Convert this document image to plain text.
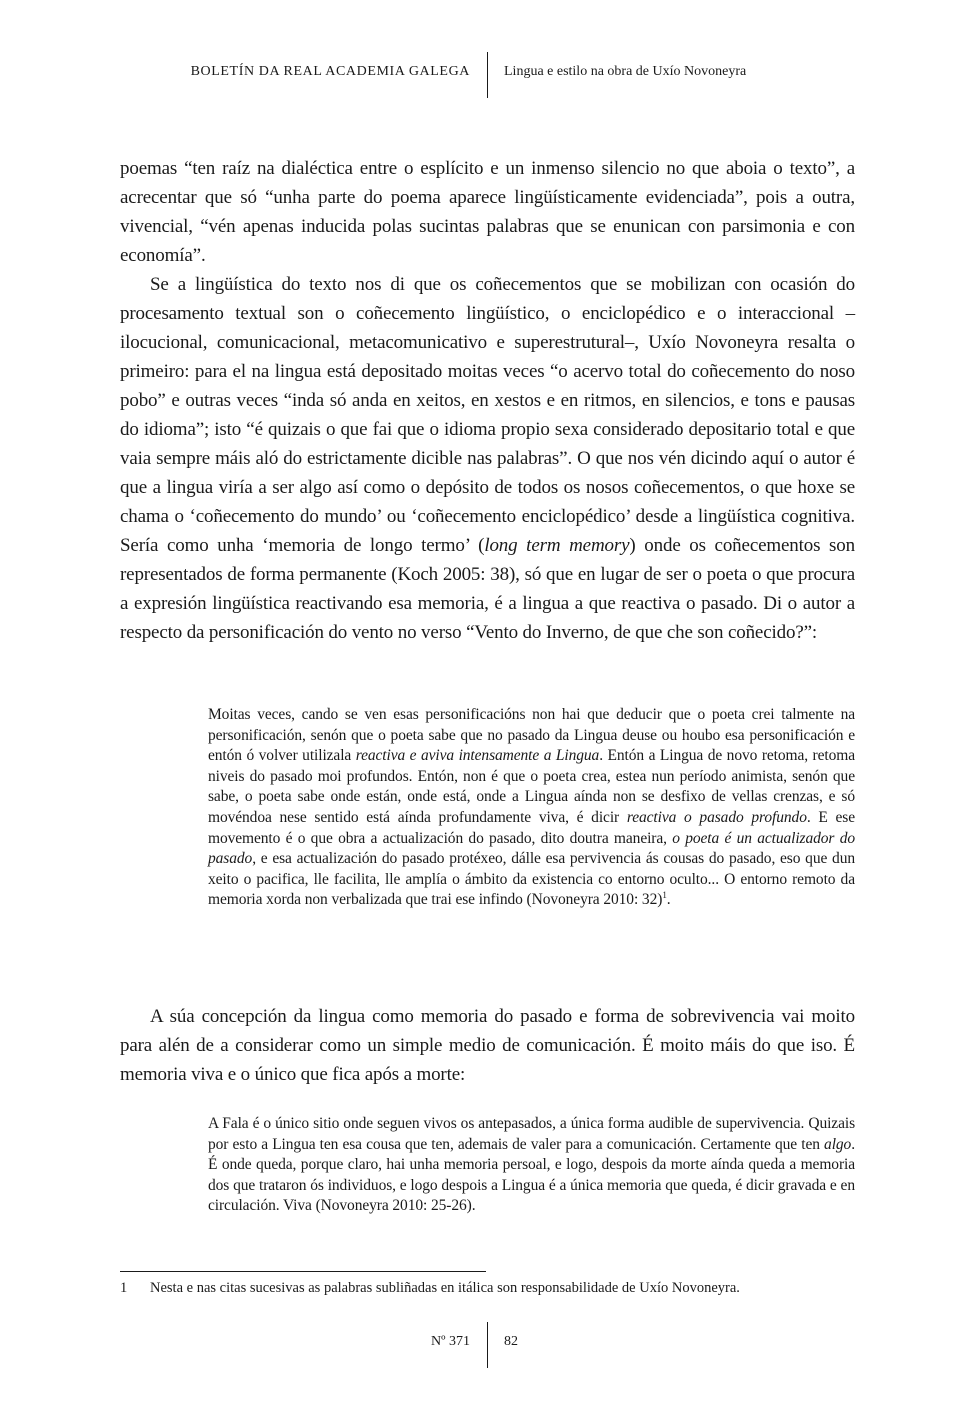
BOLETÍN DA REAL ACADEMIA GALEGA Lingua e estilo na obra de Uxío Novoneyra

poemas “ten raíz na dialéctica entre o esplícito e un inmenso silencio no que aboia o texto”, a acrecentar que só “unha parte do poema aparece lingüísticamente evidenciada”, pois a outra, vivencial, “vén apenas inducida polas sucintas palabras que se enunican con parsimonia e con economía”.

Se a lingüística do texto nos di que os coñecementos que se mobilizan con ocasión do procesamento textual son o coñecemento lingüístico, o enciclopédico e o interaccional –ilocucional, comunicacional, metacomunicativo e superestrutural–, Uxío Novoneyra resalta o primeiro: para el na lingua está depositado moitas veces “o acervo total do coñecemento do noso pobo” e outras veces “inda só anda en xeitos, en xestos e en ritmos, en silencios, e tons e pausas do idioma”; isto “é quizais o que fai que o idioma propio sexa considerado depositario total e que vaia sempre máis aló do estrictamente dicible nas palabras”. O que nos vén dicindo aquí o autor é que a lingua viría a ser algo así como o depósito de todos os nosos coñecementos, o que hoxe se chama o ‘coñecemento do mundo’ ou ‘coñecemento enciclopédico’ desde a lingüística cognitiva. Sería como unha ‘memoria de longo termo’ (long term memory) onde os coñecementos son representados de forma permanente (Koch 2005: 38), só que en lugar de ser o poeta o que procura a expresión lingüística reactivando esa memoria, é a lingua a que reactiva o pasado. Di o autor a respecto da personificación do vento no verso “Vento do Inverno, de que che son coñecido?”:

Moitas veces, cando se ven esas personificacións non hai que deducir que o poeta crei talmente na personificación, senón que o poeta sabe que no pasado da Lingua deuse ou houbo esa personificación e entón ó volver utilizala reactiva e aviva intensamente a Lingua. Entón a Lingua de novo retoma, retoma niveis do pasado moi profundos. Entón, non é que o poeta crea, estea nun período animista, senón que sabe, o poeta sabe onde están, onde está, onde a Lingua aínda non se desfixo de vellas crenzas, e só movéndoa nese sentido está aínda profundamente viva, é dicir reactiva o pasado profundo. E ese movemento é o que obra a actualización do pasado, dito doutra maneira, o poeta é un actualizador do pasado, e esa actualización do pasado protéxeo, dálle esa pervivencia ás cousas do pasado, eso que dun xeito o pacifica, lle facilita, lle amplía o ámbito da existencia co entorno oculto... O entorno remoto da memoria xorda non verbalizada que trai ese infindo (Novoneyra 2010: 32)$^1$.

A súa concepción da lingua como memoria do pasado e forma de sobrevivencia vai moito para alén de a considerar como un simple medio de comunicación. É moito máis do que iso. É memoria viva e o único que fica após a morte:

A Fala é o único sitio onde seguen vivos os antepasados, a única forma audible de supervivencia. Quizais por esto a Lingua ten esa cousa que ten, ademais de valer para a comunicación. Certamente que ten algo. É onde queda, porque claro, hai unha memoria persoal, e logo, despois da morte aínda queda a memoria dos que trataron ós individuos, e logo despois a Lingua é a única memoria que queda, é dicir gravada e en circulación. Viva (Novoneyra 2010: 25-26).

1 Nesta e nas citas sucesivas as palabras subliñadas en itálica son responsabilidade de Uxío Novoneyra.
Nº 371 82
